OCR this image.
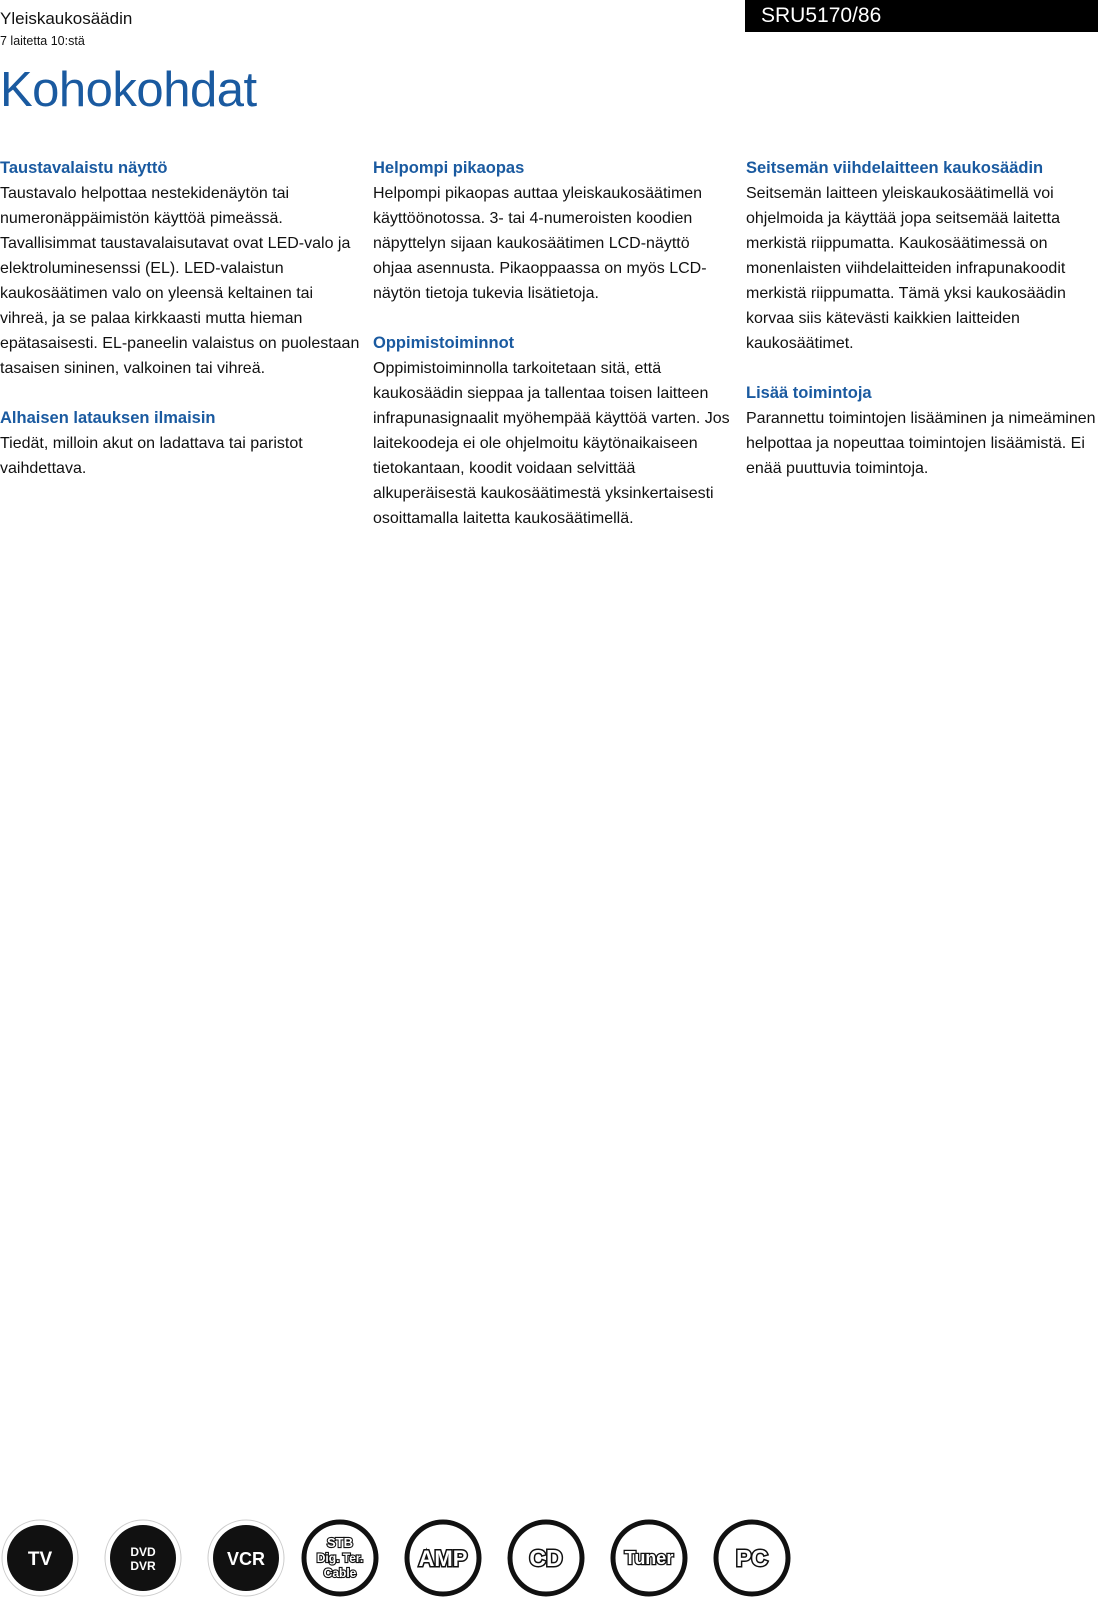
Yleiskaukosäädin
7 laitetta 10:stä
SRU5170/86
Kohokohdat
Taustavalaistu näyttö

Taustavalo helpottaa nestekidenäytön tai numeronäppäimistön käyttöä pimeässä. Tavallisimmat taustavalaisutavat ovat LED-valo ja elektroluminesenssi (EL). LED-valaistun kaukosäätimen valo on yleensä keltainen tai vihreä, ja se palaa kirkkaasti mutta hieman epätasaisesti. EL-paneelin valaistus on puolestaan tasaisen sininen, valkoinen tai vihreä.

Alhaisen latauksen ilmaisin

Tiedät, milloin akut on ladattava tai paristot vaihdettava.

Helpompi pikaopas

Helpompi pikaopas auttaa yleiskaukosäätimen käyttöönotossa. 3- tai 4-numeroisten koodien näpyttelyn sijaan kaukosäätimen LCD-näyttö ohjaa asennusta. Pikaoppaassa on myös LCD-näytön tietoja tukevia lisätietoja.

Oppimistoiminnot

Oppimistoiminnolla tarkoitetaan sitä, että kaukosäädin sieppaa ja tallentaa toisen laitteen infrapunasignaalit myöhempää käyttöä varten. Jos laitekoodeja ei ole ohjelmoitu käytönaikaiseen tietokantaan, koodit voidaan selvittää alkuperäisestä kaukosäätimestä yksinkertaisesti osoittamalla laitetta kaukosäätimellä.

Seitsemän viihdelaitteen kaukosäädin

Seitsemän laitteen yleiskaukosäätimellä voi ohjelmoida ja käyttää jopa seitsemää laitetta merkistä riippumatta. Kaukosäätimessä on monenlaisten viihdelaitteiden infrapunakoodit merkistä riippumatta. Tämä yksi kaukosäädin korvaa siis kätevästi kaikkien laitteiden kaukosäätimet.

Lisää toimintoja

Parannettu toimintojen lisääminen ja nimeäminen helpottaa ja nopeuttaa toimintojen lisäämistä. Ei enää puuttuvia toimintoja.

TV	DVD
DVR	VCR
STB
Dig. Ter.
Cable
AMP	CD	Tuner	PC
